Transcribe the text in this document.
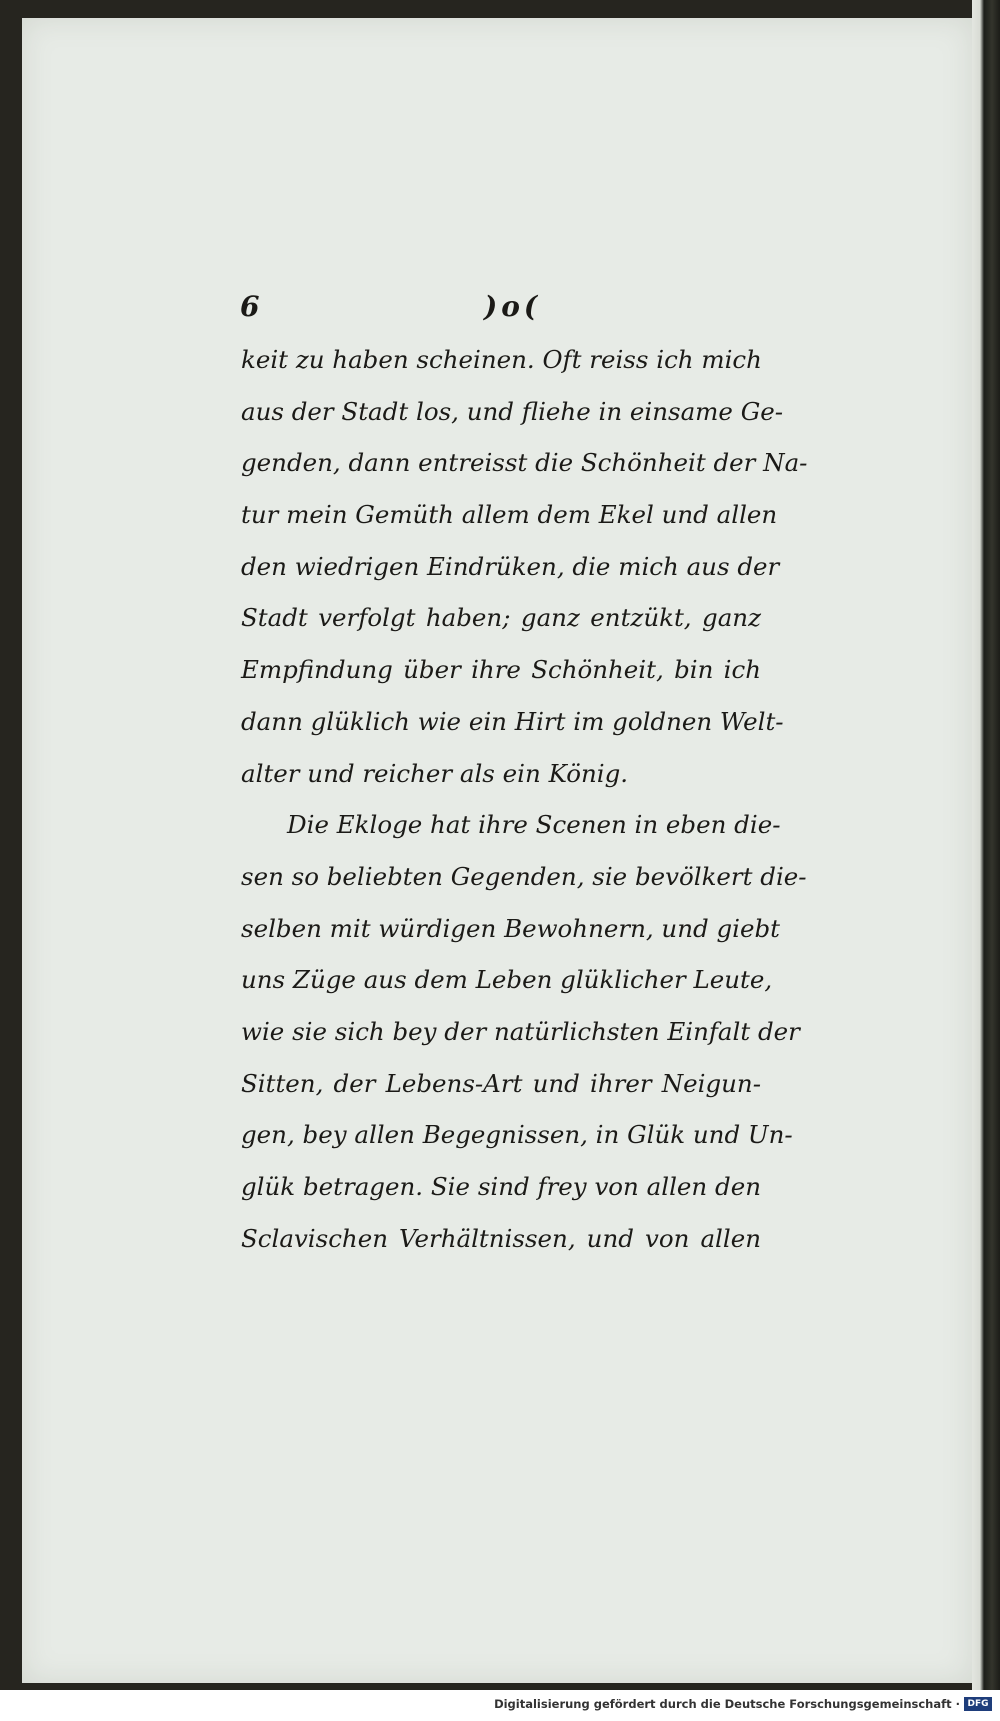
6	)o(
keit zu haben scheinen. Oft reiss ich mich
aus der Stadt los, und fliehe in einsame Ge-
genden, dann entreisst die Schönheit der Na-
tur mein Gemüth allem dem Ekel und allen
den wiedrigen Eindrüken, die mich aus der
Stadt verfolgt haben; ganz entzükt, ganz
Empfindung über ihre Schönheit, bin ich
dann glüklich wie ein Hirt im goldnen Welt-
alter und reicher als ein König.
Die Ekloge hat ihre Scenen in eben die-
sen so beliebten Gegenden, sie bevölkert die-
selben mit würdigen Bewohnern, und giebt
uns Züge aus dem Leben glüklicher Leute,
wie sie sich bey der natürlichsten Einfalt der
Sitten, der Lebens-Art und ihrer Neigun-
gen, bey allen Begegnissen, in Glük und Un-
glük betragen. Sie sind frey von allen den
Sclavischen Verhältnissen, und von allen
Digitalisierung gefördert durch die Deutsche Forschungsgemeinschaft · DFG
